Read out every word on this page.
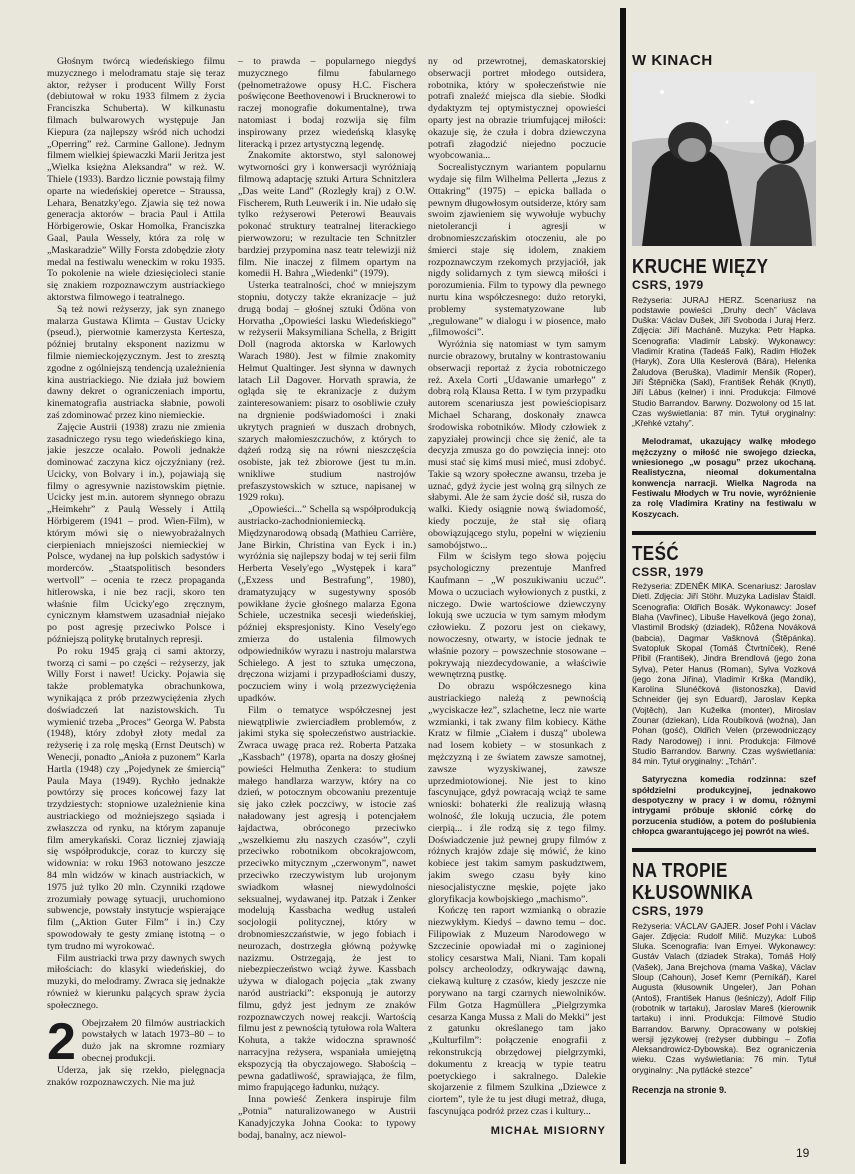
Głośnym twórcą wiedeńskiego filmu muzycznego i melodramatu staje się teraz aktor, reżyser i producent Willy Forst (debiutował w roku 1933 filmem z życia Franciszka Schuberta). W kilkunastu filmach bulwarowych występuje Jan Kiepura (za najlepszy wśród nich uchodzi „Operring” reż. Carmine Gallone). Jednym filmem wielkiej śpiewaczki Marii Jeritza jest „Wielka księżna Aleksandra” w reż. W. Thiele (1933). Bardzo licznie powstają filmy oparte na wiedeńskiej operetce – Straussa, Lehara, Benatzky'ego. Zjawia się też nowa generacja aktorów – bracia Paul i Attila Hörbigerowie, Oskar Homolka, Franciszka Gaal, Paula Wessely, która za rolę w „Maskaradzie” Willy Forsta zdobędzie złoty medal na festiwalu weneckim w roku 1935. To pokolenie na wiele dziesięcioleci stanie się znakiem rozpoznawczym austriackiego aktorstwa filmowego i teatralnego.

Są też nowi reżyserzy, jak syn znanego malarza Gustawa Klimta – Gustav Ucicky (pseud.), pierwotnie kamerzysta Kertesza, później brutalny eksponent nazizmu w filmie niemieckojęzycznym. Jest to zresztą zgodne z ogólniejszą tendencją uzależnienia kina austriackiego. Nie działa już bowiem dawny dekret o ograniczeniach importu, kinematografia austriacka słabnie, powoli zaś zdominować przez kino niemieckie.

Zajęcie Austrii (1938) zrazu nie zmienia zasadniczego rysu tego wiedeńskiego kina, jakie jeszcze ocalało. Powoli jednakże dominować zaczyna kicz ojczyźniany (reż. Ucicky, von Bolvary i in.), pojawiają się filmy o agresywnie nazistowskim piętnie. Ucicky jest m.in. autorem słynnego obrazu „Heimkehr” z Paulą Wessely i Attilą Hörbigerem (1941 – prod. Wien-Film), w którym mówi się o niewyobrażalnych cierpieniach mniejszości niemieckiej w Polsce, wydanej na łup polskich sadystów i morderców. „Staatspolitisch besonders wertvoll” – ocenia te rzecz propaganda hitlerowska, i nie bez racji, skoro ten właśnie film Ucicky'ego zręcznym, cynicznym kłamstwem uzasadniał niejako po post agresję przeciwko Polsce i późniejszą politykę brutalnych represji.

Po roku 1945 grają ci sami aktorzy, tworzą ci sami – po części – reżyserzy, jak Willy Forst i nawet! Ucicky. Pojawia się także problematyka obrachunkowa, wynikająca z prób przezwyciężenia złych doświadczeń lat nazistowskich. Tu wymienić trzeba „Proces” Georga W. Pabsta (1948), który zdobył złoty medal za reżyserię i za rolę męską (Ernst Deutsch) w Wenecji, ponadto „Anioła z puzonem” Karla Hartla (1948) czy „Pojedynek ze śmiercią” Paula Maya (1949). Rychło jednakże powtórzy się proces końcowej fazy lat trzydziestych: stopniowe uzależnienie kina austriackiego od możniejszego sąsiada i zwłaszcza od rynku, na którym zapanuje film amerykański. Coraz liczniej zjawiają się współprodukcje, coraz to kurczy się widownia: w roku 1963 notowano jeszcze 84 mln widzów w kinach austriackich, w 1975 już tylko 20 mln. Czynniki rządowe zrozumiały powagę sytuacji, uruchomiono subwencje, powstały instytucje wspierające film („Aktion Guter Film” i in.) Czy spowodowały te gesty zmianę istotną – o tym trudno mi wyrokować.

Film austriacki trwa przy dawnych swych miłościach: do klasyki wiedeńskiej, do muzyki, do melodramy. Zwraca się jednakże również w kierunku palących spraw życia społecznego.

2 Obejrzałem 20 filmów austriackich powstałych w latach 1973–80 – to dużo jak na skromne rozmiary obecnej produkcji.

Uderza, jak się rzekło, pielęgnacja znaków rozpoznawczych. Nie ma już

– to prawda – popularnego niegdyś muzycznego filmu fabularnego (pełnometrażowe opusy H.C. Fischera poświęcone Beethovenowi i Brucknerowi to raczej monografie dokumentalne), trwa natomiast i bodaj rozwija się film inspirowany przez wiedeńską klasykę literacką i przez artystyczną legendę.

Znakomite aktorstwo, styl salonowej wytworności gry i konwersacji wyróżniają filmową adaptację sztuki Artura Schnitzlera „Das weite Land” (Rozległy kraj) z O.W. Fischerem, Ruth Leuwerik i in. Nie udało się tylko reżyserowi Peterowi Beauvais pokonać struktury teatralnej literackiego pierwowzoru; w rezultacie ten Schnitzler bardziej przypomina nasz teatr telewizji niż film. Nie inaczej z filmem opartym na komedii H. Bahra „Wiedenki” (1979).

Usterka teatralności, choć w mniejszym stopniu, dotyczy także ekranizacje – już drugą bodaj – głośnej sztuki Ödöna von Horvatha „Opowieści lasku Wiedeńskiego” w reżyserii Maksymiliana Schella, z Brigitt Doll (nagroda aktorska w Karlowych Warach 1980). Jest w filmie znakomity Helmut Qualtinger. Jest słynna w dawnych latach Lil Dagover. Horvath sprawia, że ogląda się te ekranizacje z dużym zainteresowaniem: pisarz to osobliwie czuły na drgnienie podświadomości i znaki ukrytych pragnień w duszach drobnych, szarych małomieszczuchów, z których to dążeń rodzą się na równi nieszczęścia osobiste, jak też zbiorowe (jest tu m.in. wnikliwe studium nastrojów prefaszystowskich w sztuce, napisanej w 1929 roku).

„Opowieści...” Schella są współprodukcją austriacko-zachodnioniemiecką. Międzynarodową obsadą (Mathieu Carrière, Jane Birkin, Christina van Eyck i in.) wyróżnia się najlepszy bodaj w tej serii film Herberta Vesely'ego „Występek i kara” („Exzess und Bestrafung”, 1980), dramatyzujący w sugestywny sposób powikłane życie głośnego malarza Egona Schiele, uczestnika secesji wiedeńskiej, później ekspresjonisty. Kino Vesely'ego zmierza do ustalenia filmowych odpowiedników wyrazu i nastroju malarstwa Schielego. A jest to sztuka umęczona, dręczona wizjami i przypadłościami duszy, poczuciem winy i wolą przezwyciężenia upadków.

Film o tematyce współczesnej jest niewątpliwie zwierciadłem problemów, z jakimi styka się społeczeństwo austriackie. Zwraca uwagę praca reż. Roberta Patzaka „Kassbach” (1978), oparta na doszy głośnej powieści Helmutha Zenkera: to studium małego handlarza warzyw, który na co dzień, w potocznym obcowaniu prezentuje się jako człek poczciwy, w istocie zaś naładowany jest agresją i potencjałem łajdactwa, obróconego przeciwko „wszelkiemu złu naszych czasów”, czyli przeciwko robotnikom obcokrajowcom, przeciwko mitycznym „czerwonym”, nawet przeciwko rzeczywistym lub urojonym swiadkom własnej niewydolności seksualnej, wydawanej itp. Patzak i Zenker modelują Kassbacha według ustaleń socjologii politycznej, który w drobnomieszczaństwie, w jego fobiach i neurozach, dostrzegła główną pożywkę nazizmu. Ostrzegają, że jest to niebezpieczeństwo wciąż żywe. Kassbach używa w dialogach pojęcia „tak zwany naród austriacki”: eksponują je autorzy filmu, gdyż jest jednym ze znaków rozpoznawczych nowej reakcji. Wartością filmu jest z pewnością tytułowa rola Waltera Kohuta, a także widoczna sprawność narracyjna reżysera, wspaniała umiejętną ekspozycją tła obyczajowego. Słabością – pewna gadatliwość, sprawiająca, że film, mimo frapującego ładunku, nużący.

Inna powieść Zenkera inspiruje film „Potnia” naturalizowanego w Austrii Kanadyjczyka Johna Cooka: to typowy bodaj, banalny, acz niewol-

ny od przewrotnej, demaskatorskiej obserwacji portret młodego outsidera, robotnika, który w społeczeństwie nie potrafi znaleźć miejsca dla siebie. Słodki dydaktyzm tej optymistycznej opowieści oparty jest na obrazie triumfującej miłości: okazuje się, że czuła i dobra dziewczyna potrafi złagodzić niejedno poczucie wyobcowania...

Socrealistycznym wariantem popularnu wydaje się film Wilhelma Pellerta „Jezus z Ottakring” (1975) – epicka ballada o pewnym długowłosym outsiderze, który sam swoim zjawieniem się wywołuje wybuchy nietolerancji i agresji w drobnomieszczańskim otoczeniu, ale po śmierci staje się idolem, znakiem rozpoznawczym rzekomych przyjaciół, jak nigdy solidarnych z tym siewcą miłości i porozumienia. Film to typowy dla pewnego nurtu kina współczesnego: dużo retoryki, problemy systematyzowane lub „regulowane” w dialogu i w piosence, mało „filmowości”.

Wyróżnia się natomiast w tym samym nurcie obrazowy, brutalny w kontrastowaniu obserwacji reportaż z życia robotniczego reż. Axela Corti „Udawanie umarłego” z dobrą rolą Klausa Retta. I w tym przypadku autorem scenariusza jest powieściopisarz Michael Scharang, doskonały znawca środowiska robotników. Młody człowiek z zapyziałej prowincji chce się żenić, ale ta decyzja zmusza go do powzięcia innej: oto musi stać się kimś musi mieć, musi zdobyć. Takie są wzory społeczne awansu, trzeba je uznać, gdyż życie jest wolną grą silnych ze słabymi. Ale że sam życie dość sił, rusza do walki. Kiedy osiągnie nową świadomość, kiedy poczuje, że stał się ofiarą obowiązującego stylu, popełni w więzieniu samobójstwo...

Film w ścisłym tego słowa pojęciu psychologiczny prezentuje Manfred Kaufmann – „W poszukiwaniu uczuć”. Mowa o uczuciach wyłowionych z pustki, z niczego. Dwie wartościowe dziewczyny lokują swe uczucia w tym samym młodym człowieku. Z pozoru jest on ciekawy, nowoczesny, otwarty, w istocie jednak te właśnie pozory – powszechnie stosowane – pokrywają niezdecydowanie, a właściwie wewnętrzną pustkę.

Do obrazu współczesnego kina austriackiego należą z pewnością „wyciskacze łez”, szlachetne, lecz nie warte wzmianki, i tak zwany film kobiecy. Käthe Kratz w filmie „Ciałem i duszą” ubolewa nad losem kobiety – w stosunkach z mężczyzną i ze światem zawsze samotnej, zawsze wyzyskiwanej, zawsze uprzedmiotowionej. Nie jest to kino fascynujące, gdyż powracają wciąż te same wnioski: bohaterki źle realizują własną wolność, źle lokują uczucia, źle potem cierpią... i źle rodzą się z tego filmy. Doświadczenie już pewnej grupy filmów z różnych krajów zdaje się mówić, że kino kobiece jest takim samym paskudztwem, jakim swego czasu były kino niesocjalistyczne męskie, pojęte jako gloryfikacja kowbojskiego „machismo”.

Kończę ten raport wzmianką o obrazie niezwykłym. Kiedyś – dawno temu – doc. Filipowiak z Muzeum Narodowego w Szczecinie opowiadał mi o zaginionej stolicy cesarstwa Mali, Niani. Tam kopali polscy archeolodzy, odkrywając dawną, ciekawą kulturę z czasów, kiedy jeszcze nie porywano na targi czarnych niewolników. Film Gotza Hagmüllera „Pielgrzymka cesarza Kanga Mussa z Mali do Mekki” jest z gatunku określanego tam jako „Kulturfilm”: połączenie enografii z rekonstrukcją obrzędowej pielgrzymki, dokumentu z kreacją w typie teatru poetyckiego i sakralnego. Dalekie skojarzenie z filmem Szulkina „Dziewce z ciortem”, tyle że tu jest długi metraż, długa, fascynująca podróż przez czas i kultury...

MICHAŁ MISIORNY
W KINACH
KRUCHE WIĘZY
CSRS, 1979

Reżyseria: JURAJ HERZ. Scenariusz na podstawie powieści „Druhy dech” Václava Duška: Václav Dušek, Jiří Svoboda i Juraj Herz. Zdjęcia: Jiří Macháně. Muzyka: Petr Hapka. Scenografia: Vladimír Labský. Wykonawcy: Vladimír Kratina (Tadeáš Falk), Radim Hložek (Haryk), Zora Ulla Keslerová (Bára), Helenka Žaludova (Beruška), Vladimír Menšík (Roper), Jiří Štěpnička (Sakl), František Řehák (Knytl), Jiří Lábus (kelner) i inni. Produkcja: Filmové Studio Barrandov. Barwny. Dozwolony od 15 lat. Czas wyświetlania: 87 min. Tytuł oryginalny: „Křehké vztahy”.

Melodramat, ukazujący walkę młodego mężczyzny o miłość nie swojego dziecka, wniesionego „w posagu” przez ukochaną. Realistyczna, nieomal dokumentalna konwencja narracji. Wielka Nagroda na Festiwalu Młodych w Tru novie, wyróżnienie za rolę Vladimira Kratiny na festiwalu w Koszycach.

TEŚĆ
CSSR, 1979

Reżyseria: ZDENĚK MIKA. Scenariusz: Jaroslav Dietl. Zdjęcia: Jiří Stöhr. Muzyka Ladislav Štaidl. Scenografia: Oldřich Bosák. Wykonawcy: Josef Blaha (Vavřinec), Libuše Havelková (jego żona), Vlastimil Brodský (dziadek), Růžena Nováková (babcia), Dagmar Vašknová (Štěpánka). Svatopluk Skopal (Tomáš Čtvrtníček), René Přibil (František), Jindra Brendlová (jego żona Sylva), Peter Hanus (Roman), Sylva Vozková (jego żona Jiřina), Vladimír Krška (Mandík), Karolína Slunéčková (listonoszka), David Schneider (jej syn Eduard), Jaroslav Kepka (Vojtěch), Jan Kuželka (monter), Miroslav Zounar (dziekan), Lída Roubíková (woźna), Jan Pohan (gość), Oldřich Velen (przewodniczący Rady Narodowej) i inni. Produkcja: Filmové Studio Barrandov. Barwny. Czas wyświetlania: 84 min. Tytuł oryginalny: „Tchán”.

Satyryczna komedia rodzinna: szef spółdzielni produkcyjnej, jednakowo despotyczny w pracy i w domu, różnymi intrygami próbuje skłonić córkę do porzucenia studiów, a potem do poślubienia chłopca gwarantującego jej powrót na wieś.

NA TROPIE KŁUSOWNIKA
CSRS, 1979

Reżyseria: VÁCLAV GAJER. Josef Pohl i Václav Gajer. Zdjęcia: Rudolf Milič. Muzyka: Luboš Sluka. Scenografia: Ivan Ernyei. Wykonawcy: Gustáv Valach (dziadek Straka), Tomáš Holý (Vašek), Jana Brejchova (mama Vaška), Václav Sloup (Cahoun), Josef Kemr (Perníkář), Karel Augusta (kłusownik Ungeler), Jan Pohan (Antoš), František Hanus (leśniczy), Adolf Filip (robotnik w tartaku), Jaroslav Mareš (kierownik tartaku) i inni. Produkcja: Filmové Studio Barrandov. Barwny. Opracowany w polskiej wersji językowej (reżyser dubbingu – Zofia Aleksandrowicz-Dybowska). Bez ograniczenia wieku. Czas wyświetlania: 76 min. Tytuł oryginalny: „Na pytlácké stezce”

Recenzja na stronie 9.
19
